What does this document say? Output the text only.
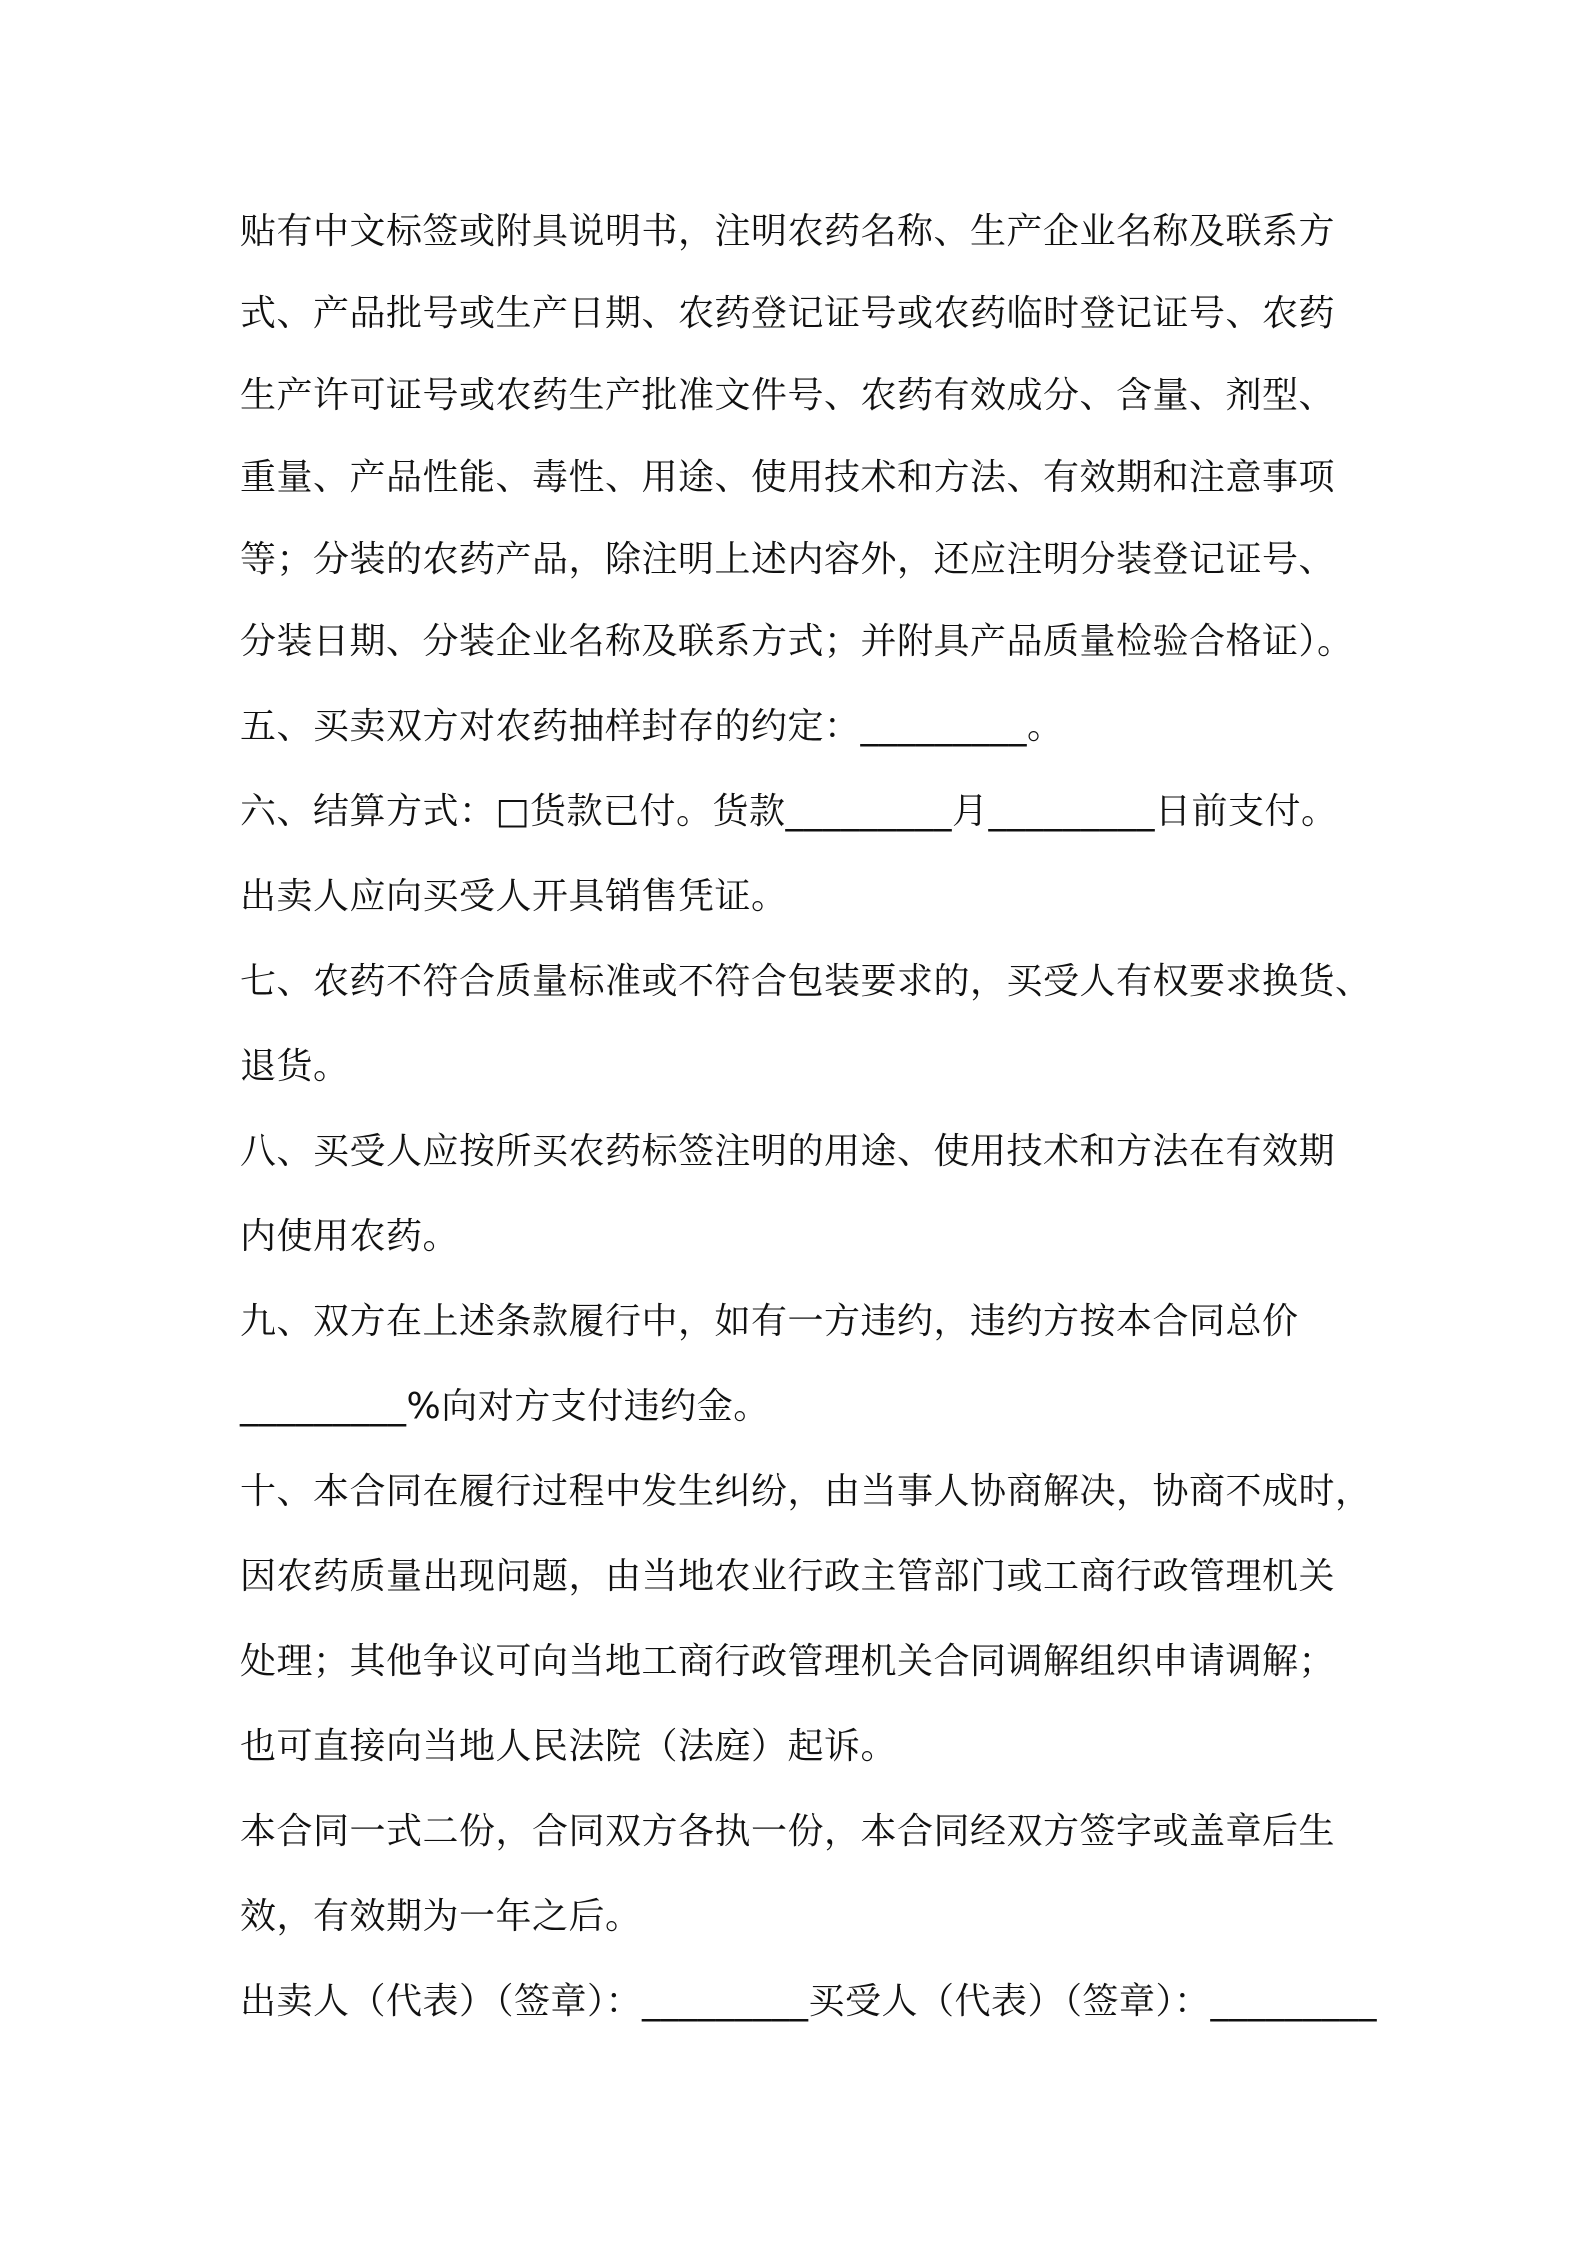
贴有中文标签或附具说明书，注明农药名称、生产企业名称及联系方
式、产品批号或生产日期、农药登记证号或农药临时登记证号、农药
生产许可证号或农药生产批准文件号、农药有效成分、含量、剂型、
重量、产品性能、毒性、用途、使用技术和方法、有效期和注意事项
等；分装的农药产品，除注明上述内容外，还应注明分装登记证号、
分装日期、分装企业名称及联系方式；并附具产品质量检验合格证）。
五、买卖双方对农药抽样封存的约定：_________。
六、结算方式：□货款已付。货款_________月_________日前支付。
出卖人应向买受人开具销售凭证。
七、农药不符合质量标准或不符合包装要求的，买受人有权要求换货、
退货。
八、买受人应按所买农药标签注明的用途、使用技术和方法在有效期
内使用农药。
九、双方在上述条款履行中，如有一方违约，违约方按本合同总价
_________%向对方支付违约金。
十、本合同在履行过程中发生纠纷，由当事人协商解决，协商不成时，
因农药质量出现问题，由当地农业行政主管部门或工商行政管理机关
处理；其他争议可向当地工商行政管理机关合同调解组织申请调解；
也可直接向当地人民法院（法庭）起诉。
本合同一式二份，合同双方各执一份，本合同经双方签字或盖章后生
效，有效期为一年之后。
出卖人（代表）（签章）：_________买受人（代表）（签章）：_________
